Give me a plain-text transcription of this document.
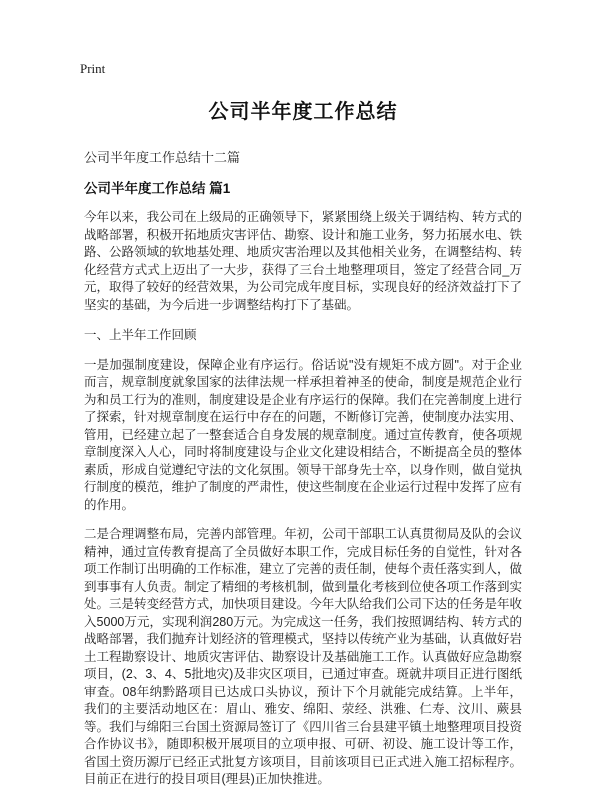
Print
公司半年度工作总结

公司半年度工作总结十二篇

公司半年度工作总结 篇1

今年以来，我公司在上级局的正确领导下，紧紧围绕上级关于调结构、转方式的战略部署，积极开拓地质灾害评估、勘察、设计和施工业务，努力拓展水电、铁路、公路领域的软地基处理、地质灾害治理以及其他相关业务，在调整结构、转化经营方式式上迈出了一大步，获得了三台土地整理项目，签定了经营合同_万元，取得了较好的经营效果，为公司完成年度目标，实现良好的经济效益打下了坚实的基础，为今后进一步调整结构打下了基础。

一、上半年工作回顾

一是加强制度建设，保障企业有序运行。俗话说"没有规矩不成方圆"。对于企业而言，规章制度就象国家的法律法规一样承担着神圣的使命，制度是规范企业行为和员工行为的准则，制度建设是企业有序运行的保障。我们在完善制度上进行了探索，针对规章制度在运行中存在的问题，不断修订完善，使制度办法实用、管用，已经建立起了一整套适合自身发展的规章制度。通过宣传教育，使各项规章制度深入人心，同时将制度建设与企业文化建设相结合，不断提高全员的整体素质，形成自觉遵纪守法的文化氛围。领导干部身先士卒，以身作则，做自觉执行制度的模范，维护了制度的严肃性，使这些制度在企业运行过程中发挥了应有的作用。

二是合理调整布局，完善内部管理。年初，公司干部职工认真贯彻局及队的会议精神，通过宣传教育提高了全员做好本职工作，完成目标任务的自觉性，针对各项工作制订出明确的工作标准，建立了完善的责任制，使每个责任落实到人，做到事事有人负责。制定了精细的考核机制，做到量化考核到位使各项工作落到实处。三是转变经营方式，加快项目建设。今年大队给我们公司下达的任务是年收入5000万元，实现利润280万元。为完成这一任务，我们按照调结构、转方式的战略部署，我们抛弃计划经济的管理模式，坚持以传统产业为基础，认真做好岩土工程勘察设计、地质灾害评估、勘察设计及基础施工工作。认真做好应急勘察项目，(2、3、4、5批地灾)及非灾区项目，已通过审查。斑就井项目正进行图纸审查。08年纳黔路项目已达成口头协议，预计下个月就能完成结算。上半年，我们的主要活动地区在：眉山、雅安、绵阳、荥经、洪雅、仁寿、汶川、蕨县等。我们与绵阳三台国土资源局签订了《四川省三台县建平镇土地整理项目投资合作协议书》，随即积极开展项目的立项申报、可研、初设、施工设计等工作，省国土资历源厅已经正式批复方该项目，目前该项目已正式进入施工招标程序。目前正在进行的投目项目(理县)正加快推进。
